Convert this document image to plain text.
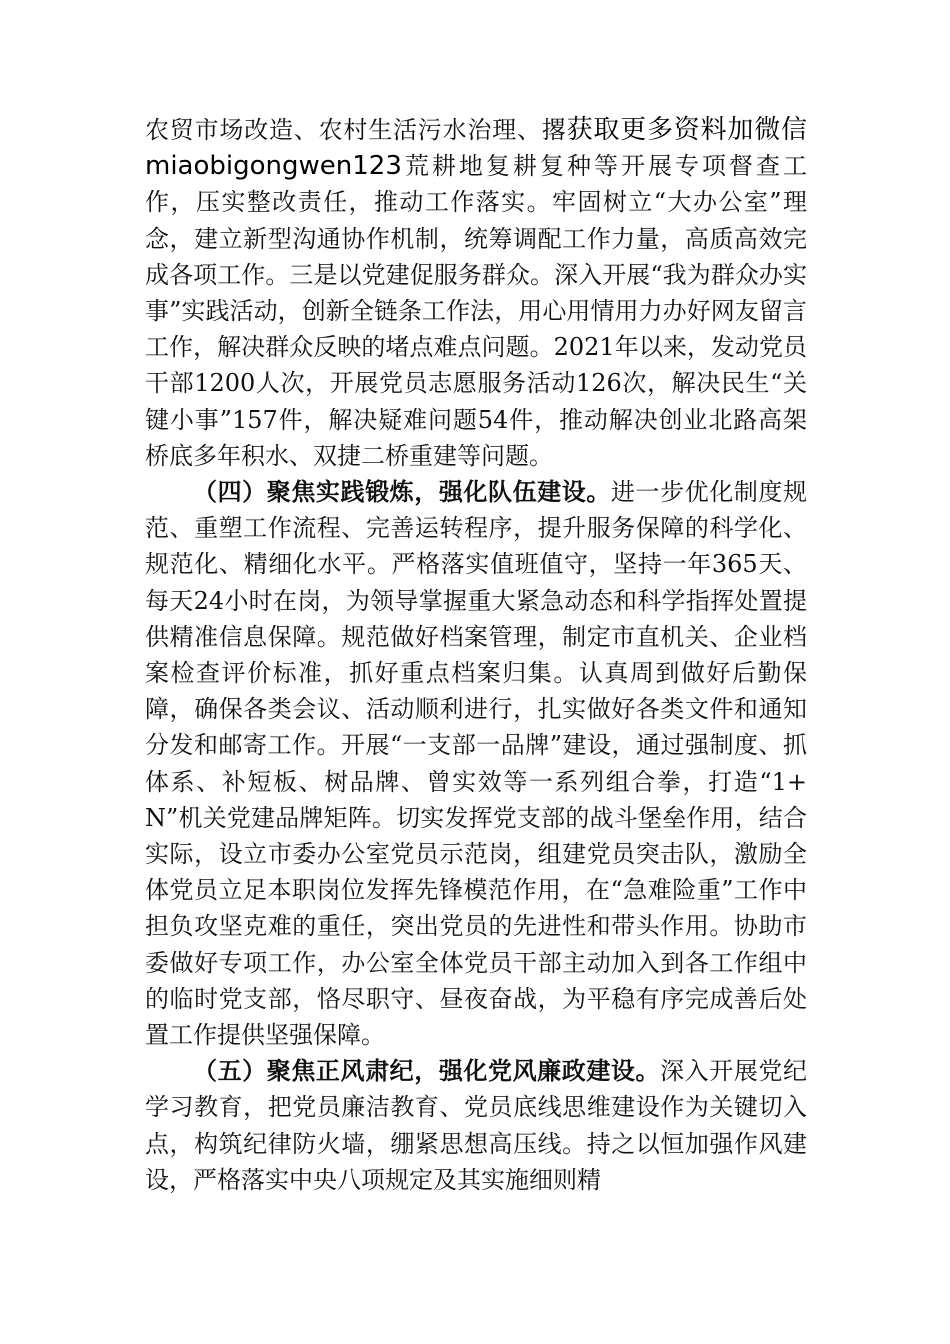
农贸市场改造、农村生活污水治理、撂获取更多资料加微信 miaobigongwen123荒耕地复耕复种等开展专项督查工作，压实整改责任，推动工作落实。牢固树立“大办公室”理念，建立新型沟通协作机制，统筹调配工作力量，高质高效完成各项工作。三是以党建促服务群众。深入开展“我为群众办实事”实践活动，创新全链条工作法，用心用情用力办好网友留言工作，解决群众反映的堵点难点问题。2021年以来，发动党员干部1200人次，开展党员志愿服务活动126次，解决民生“关键小事”157件，解决疑难问题54件，推动解决创业北路高架桥底多年积水、双捷二桥重建等问题。

（四）聚焦实践锻炼，强化队伍建设。进一步优化制度规范、重塑工作流程、完善运转程序，提升服务保障的科学化、规范化、精细化水平。严格落实值班值守，坚持一年365天、每天24小时在岗，为领导掌握重大紧急动态和科学指挥处置提供精准信息保障。规范做好档案管理，制定市直机关、企业档案检查评价标准，抓好重点档案归集。认真周到做好后勤保障，确保各类会议、活动顺利进行，扎实做好各类文件和通知分发和邮寄工作。开展“一支部一品牌”建设，通过强制度、抓体系、补短板、树品牌、曾实效等一系列组合拳，打造“1+N”机关党建品牌矩阵。切实发挥党支部的战斗堡垒作用，结合实际，设立市委办公室党员示范岗，组建党员突击队，激励全体党员立足本职岗位发挥先锋模范作用，在“急难险重”工作中担负攻坚克难的重任，突出党员的先进性和带头作用。协助市委做好专项工作，办公室全体党员干部主动加入到各工作组中的临时党支部，恪尽职守、昼夜奋战，为平稳有序完成善后处置工作提供坚强保障。

（五）聚焦正风肃纪，强化党风廉政建设。深入开展党纪学习教育，把党员廉洁教育、党员底线思维建设作为关键切入点，构筑纪律防火墙，绷紧思想高压线。持之以恒加强作风建设，严格落实中央八项规定及其实施细则精
